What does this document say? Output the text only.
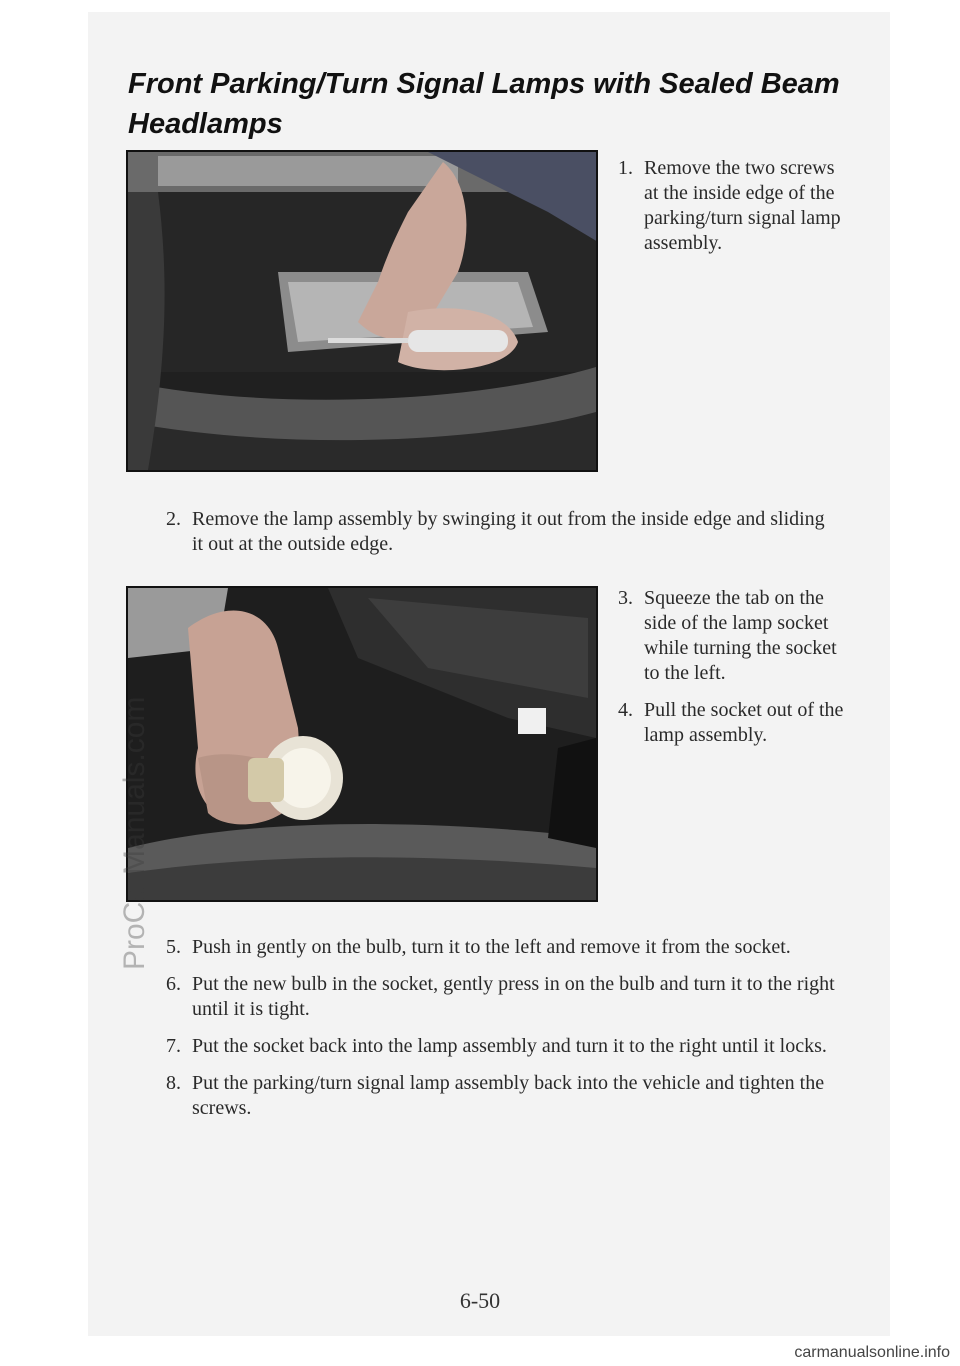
Front Parking/Turn Signal Lamps with Sealed Beam Headlamps
1. Remove the two screws at the inside edge of the parking/turn signal lamp assembly.
2. Remove the lamp assembly by swinging it out from the inside edge and sliding it out at the outside edge.
3. Squeeze the tab on the side of the lamp socket while turning the socket to the left.
4. Pull the socket out of the lamp assembly.
5. Push in gently on the bulb, turn it to the left and remove it from the socket.
6. Put the new bulb in the socket, gently press in on the bulb and turn it to the right until it is tight.
7. Put the socket back into the lamp assembly and turn it to the right until it locks.
8. Put the parking/turn signal lamp assembly back into the vehicle and tighten the screws.
6-50
ProCarManuals.com
carmanualsonline.info
